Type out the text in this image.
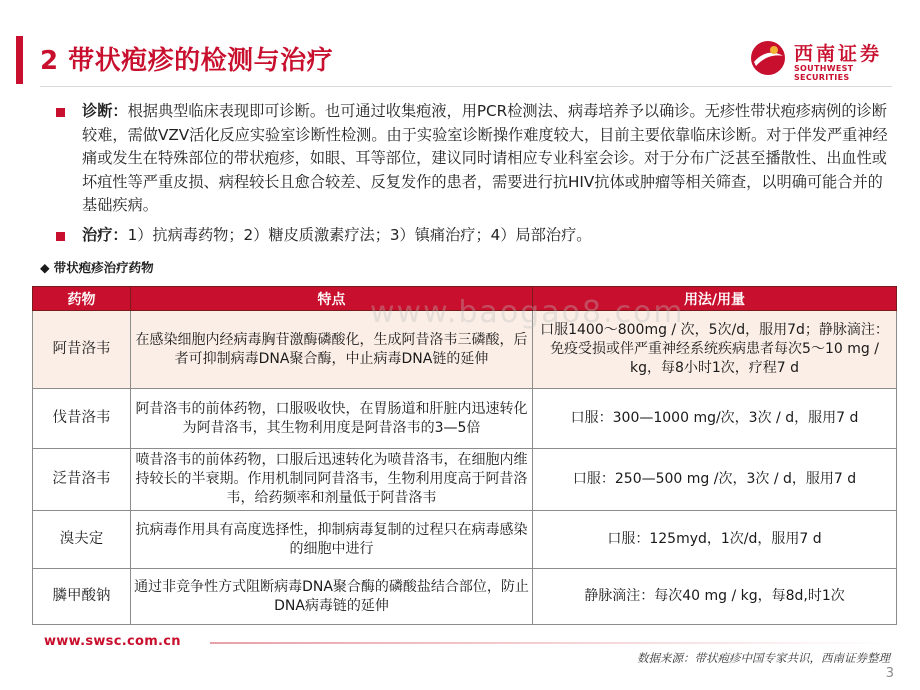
2 带状疱疹的检测与治疗	西南证券
SOUTHWEST SECURITIES
诊断：根据典型临床表现即可诊断。也可通过收集疱液，用PCR检测法、病毒培养予以确诊。无疹性带状疱疹病例的诊断较难，需做VZV活化反应实验室诊断性检测。由于实验室诊断操作难度较大，目前主要依靠临床诊断。对于伴发严重神经痛或发生在特殊部位的带状疱疹，如眼、耳等部位，建议同时请相应专业科室会诊。对于分布广泛甚至播散性、出血性或坏疽性等严重皮损、病程较长且愈合较差、反复发作的患者，需要进行抗HIV抗体或肿瘤等相关筛查，以明确可能合并的基础疾病。
治疗：1）抗病毒药物；2）糖皮质激素疗法；3）镇痛治疗；4）局部治疗。
◆ 带状疱疹治疗药物
药物	特点	用法/用量
阿昔洛韦	在感染细胞内经病毒胸苷激酶磷酸化，生成阿昔洛韦三磷酸，后者可抑制病毒DNA聚合酶，中止病毒DNA链的延伸	口服1400～800mg / 次，5次/d，服用7d；静脉滴注：免疫受损或伴严重神经系统疾病患者每次5～10 mg / kg，每8小时1次，疗程7 d
伐昔洛韦	阿昔洛韦的前体药物，口服吸收快，在胃肠道和肝脏内迅速转化为阿昔洛韦，其生物利用度是阿昔洛韦的3—5倍	口服：300—1000 mg/次，3次 / d，服用7 d
泛昔洛韦	喷昔洛韦的前体药物，口服后迅速转化为喷昔洛韦，在细胞内维持较长的半衰期。作用机制同阿昔洛韦，生物利用度高于阿昔洛韦，给药频率和剂量低于阿昔洛韦	口服：250—500 mg /次，3次 / d，服用7 d
溴夫定	抗病毒作用具有高度选择性，抑制病毒复制的过程只在病毒感染的细胞中进行	口服：125myd，1次/d，服用7 d
膦甲酸钠	通过非竞争性方式阻断病毒DNA聚合酶的磷酸盐结合部位，防止DNA病毒链的延伸	静脉滴注：每次40 mg / kg，每8d,时1次
www.baogao8.com
www.swsc.com.cn
数据来源：带状疱疹中国专家共识，西南证券整理
3
